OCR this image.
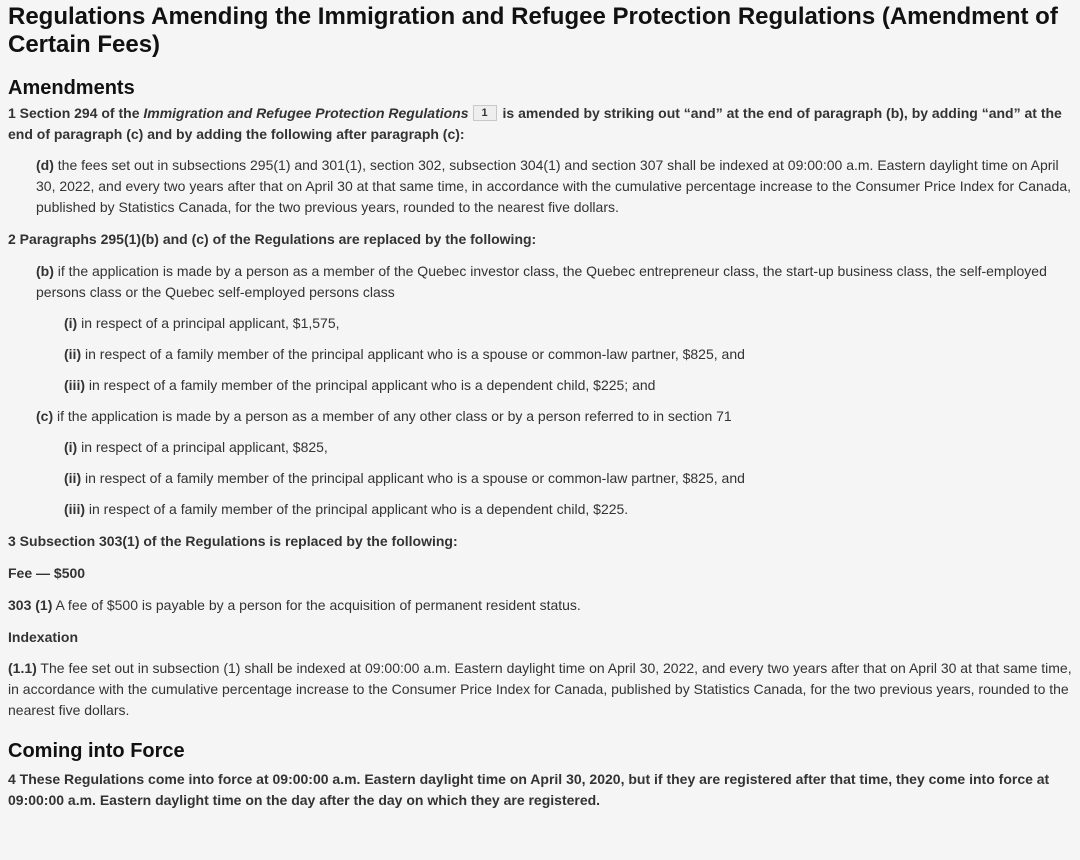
Regulations Amending the Immigration and Refugee Protection Regulations (Amendment of Certain Fees)
Amendments

1 Section 294 of the Immigration and Refugee Protection Regulations 1 is amended by striking out “and” at the end of paragraph (b), by adding “and” at the end of paragraph (c) and by adding the following after paragraph (c):

(d) the fees set out in subsections 295(1) and 301(1), section 302, subsection 304(1) and section 307 shall be indexed at 09:00:00 a.m. Eastern daylight time on April 30, 2022, and every two years after that on April 30 at that same time, in accordance with the cumulative percentage increase to the Consumer Price Index for Canada, published by Statistics Canada, for the two previous years, rounded to the nearest five dollars.

2 Paragraphs 295(1)(b) and (c) of the Regulations are replaced by the following:

(b) if the application is made by a person as a member of the Quebec investor class, the Quebec entrepreneur class, the start-up business class, the self-employed persons class or the Quebec self-employed persons class

(i) in respect of a principal applicant, $1,575,

(ii) in respect of a family member of the principal applicant who is a spouse or common-law partner, $825, and

(iii) in respect of a family member of the principal applicant who is a dependent child, $225; and

(c) if the application is made by a person as a member of any other class or by a person referred to in section 71

(i) in respect of a principal applicant, $825,

(ii) in respect of a family member of the principal applicant who is a spouse or common-law partner, $825, and

(iii) in respect of a family member of the principal applicant who is a dependent child, $225.

3 Subsection 303(1) of the Regulations is replaced by the following:

Fee — $500

303 (1) A fee of $500 is payable by a person for the acquisition of permanent resident status.

Indexation

(1.1) The fee set out in subsection (1) shall be indexed at 09:00:00 a.m. Eastern daylight time on April 30, 2022, and every two years after that on April 30 at that same time, in accordance with the cumulative percentage increase to the Consumer Price Index for Canada, published by Statistics Canada, for the two previous years, rounded to the nearest five dollars.

Coming into Force

4 These Regulations come into force at 09:00:00 a.m. Eastern daylight time on April 30, 2020, but if they are registered after that time, they come into force at 09:00:00 a.m. Eastern daylight time on the day after the day on which they are registered.
